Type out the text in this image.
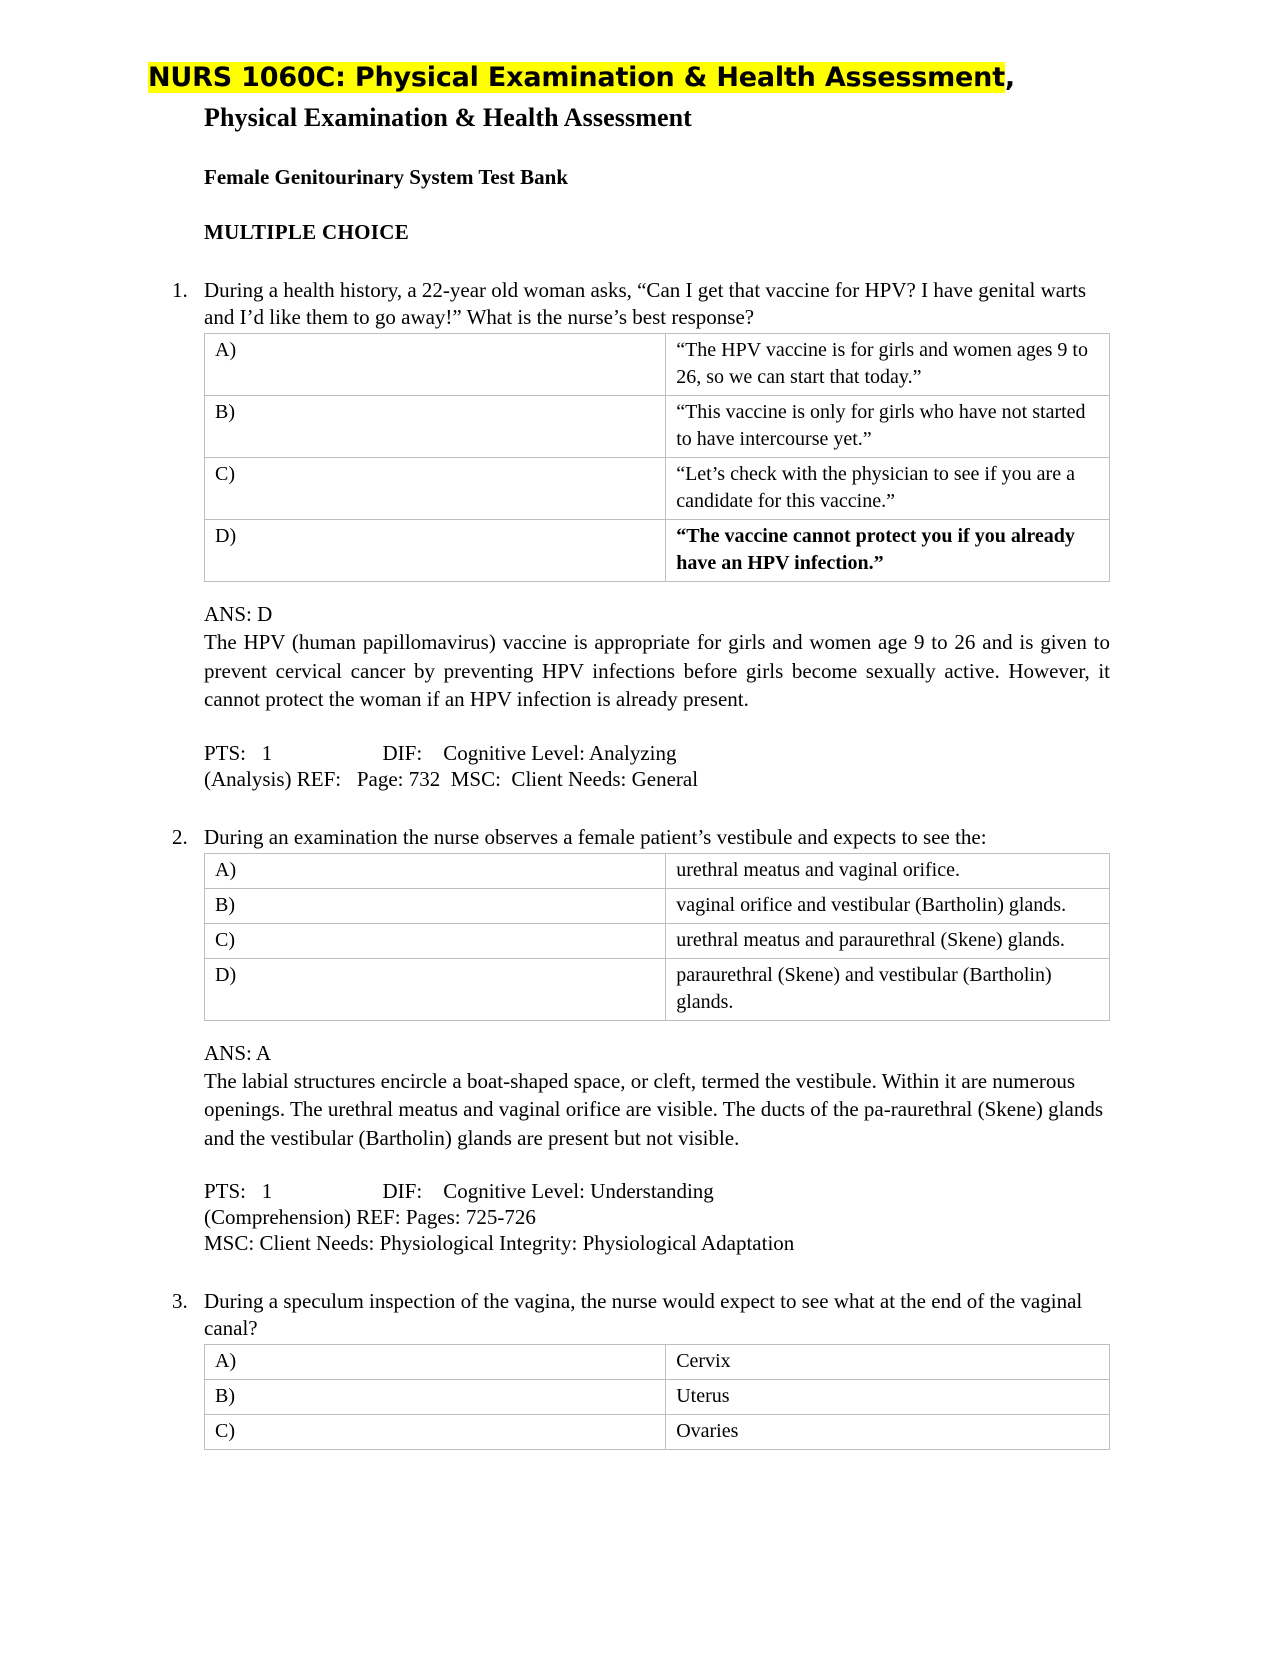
NURS 1060C: Physical Examination & Health Assessment,
Physical Examination & Health Assessment
Female Genitourinary System Test Bank
MULTIPLE CHOICE
1. During a health history, a 22-year old woman asks, “Can I get that vaccine for HPV? I have genital warts and I’d like them to go away!” What is the nurse’s best response?

A)	“The HPV vaccine is for girls and women ages 9 to 26, so we can start that today.”
B)	“This vaccine is only for girls who have not started to have intercourse yet.”
C)	“Let’s check with the physician to see if you are a candidate for this vaccine.”
D)	“The vaccine cannot protect you if you already have an HPV infection.”
ANS: D

The HPV (human papillomavirus) vaccine is appropriate for girls and women age 9 to 26 and is given to prevent cervical cancer by preventing HPV infections before girls become sexually active. However, it cannot protect the woman if an HPV infection is already present.

PTS:   1                     DIF:    Cognitive Level: Analyzing
(Analysis) REF:   Page: 732  MSC:  Client Needs: General
2. During an examination the nurse observes a female patient’s vestibule and expects to see the:

A)	urethral meatus and vaginal orifice.
B)	vaginal orifice and vestibular (Bartholin) glands.
C)	urethral meatus and paraurethral (Skene) glands.
D)	paraurethral (Skene) and vestibular (Bartholin) glands.
ANS: A

The labial structures encircle a boat-shaped space, or cleft, termed the vestibule. Within it are numerous openings. The urethral meatus and vaginal orifice are visible. The ducts of the pa-raurethral (Skene) glands and the vestibular (Bartholin) glands are present but not visible.

PTS:   1                     DIF:    Cognitive Level: Understanding
(Comprehension) REF: Pages: 725-726
MSC: Client Needs: Physiological Integrity: Physiological Adaptation
3. During a speculum inspection of the vagina, the nurse would expect to see what at the end of the vaginal canal?

A)	Cervix
B)	Uterus
C)	Ovaries
